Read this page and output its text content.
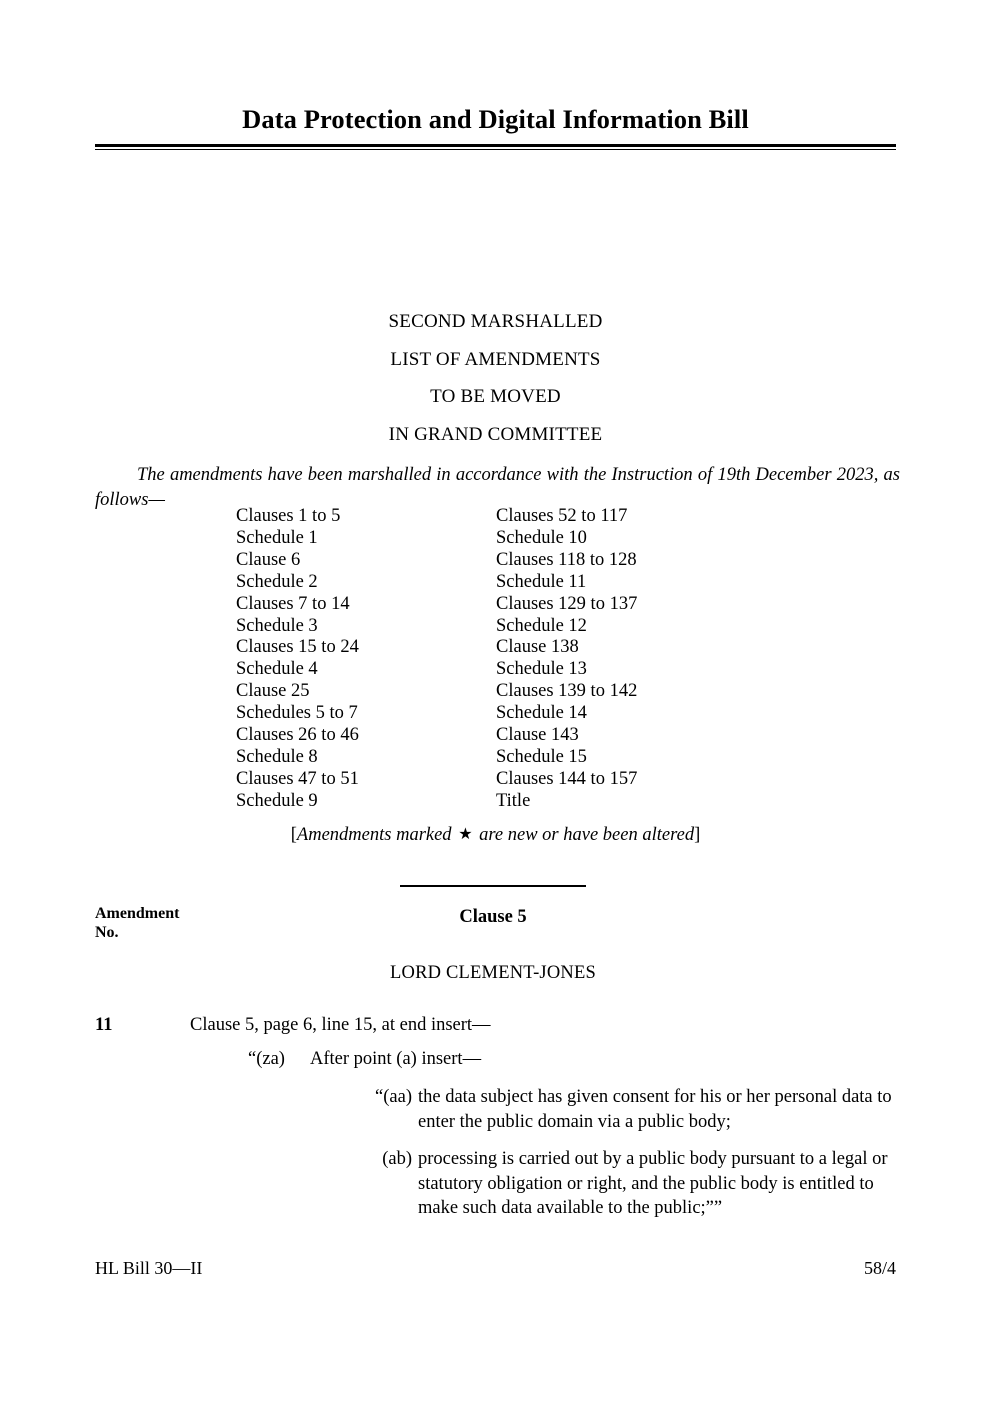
Data Protection and Digital Information Bill
SECOND MARSHALLED
LIST OF AMENDMENTS
TO BE MOVED
IN GRAND COMMITTEE
The amendments have been marshalled in accordance with the Instruction of 19th December 2023, as follows—
Clauses 1 to 5
Schedule 1
Clause 6
Schedule 2
Clauses 7 to 14
Schedule 3
Clauses 15 to 24
Schedule 4
Clause 25
Schedules 5 to 7
Clauses 26 to 46
Schedule 8
Clauses 47 to 51
Schedule 9
Clauses 52 to 117
Schedule 10
Clauses 118 to 128
Schedule 11
Clauses 129 to 137
Schedule 12
Clause 138
Schedule 13
Clauses 139 to 142
Schedule 14
Clause 143
Schedule 15
Clauses 144 to 157
Title
[Amendments marked ★ are new or have been altered]
Amendment
No.
Clause 5
LORD CLEMENT-JONES
11	Clause 5, page 6, line 15, at end insert—
“(za) After point (a) insert—
“(aa) the data subject has given consent for his or her personal data to enter the public domain via a public body;
(ab) processing is carried out by a public body pursuant to a legal or statutory obligation or right, and the public body is entitled to make such data available to the public;””
HL Bill 30—II	58/4
